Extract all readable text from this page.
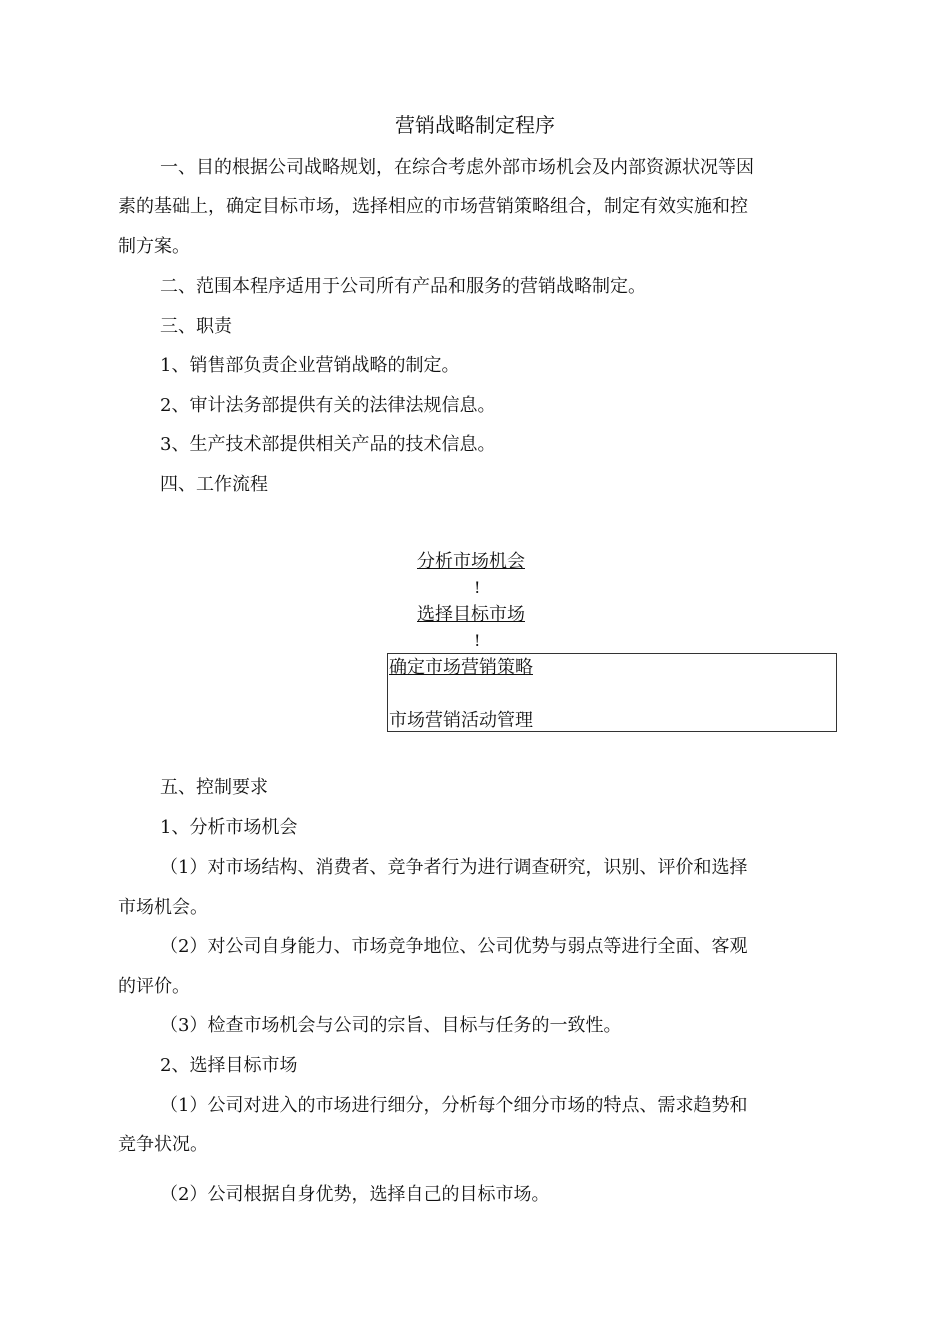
营销战略制定程序
一、目的根据公司战略规划，在综合考虑外部市场机会及内部资源状况等因
素的基础上，确定目标市场，选择相应的市场营销策略组合，制定有效实施和控
制方案。
二、范围本程序适用于公司所有产品和服务的营销战略制定。
三、职责
1、销售部负责企业营销战略的制定。
2、审计法务部提供有关的法律法规信息。
3、生产技术部提供相关产品的技术信息。
四、工作流程
分析市场机会
!
选择目标市场
!
确定市场营销策略
市场营销活动管理
五、控制要求
1、分析市场机会
（1）对市场结构、消费者、竞争者行为进行调查研究，识别、评价和选择
市场机会。
（2）对公司自身能力、市场竞争地位、公司优势与弱点等进行全面、客观
的评价。
（3）检查市场机会与公司的宗旨、目标与任务的一致性。
2、选择目标市场
（1）公司对进入的市场进行细分，分析每个细分市场的特点、需求趋势和
竞争状况。
（2）公司根据自身优势，选择自己的目标市场。
